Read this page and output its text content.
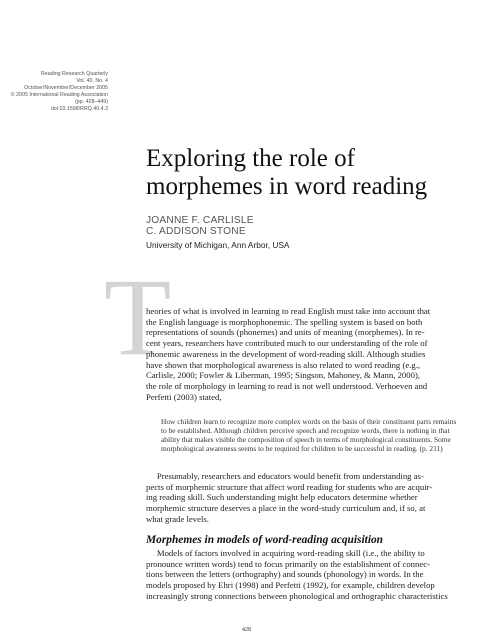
Reading Research Quarterly
Vol. 40, No. 4
October/November/December 2005
© 2005 International Reading Association
(pp. 428–449)
doi:10.1598/RRQ.40.4.3
Exploring the role of
morphemes in word reading
JOANNE F. CARLISLE
C. ADDISON STONE
University of Michigan, Ann Arbor, USA
T
heories of what is involved in learning to read English must take into account that
the English language is morphophonemic. The spelling system is based on both
representations of sounds (phonemes) and units of meaning (morphemes). In re-
cent years, researchers have contributed much to our understanding of the role of
phonemic awareness in the development of word-reading skill. Although studies
have shown that morphological awareness is also related to word reading (e.g.,
Carlisle, 2000; Fowler & Liberman, 1995; Singson, Mahoney, & Mann, 2000),
the role of morphology in learning to read is not well understood. Verhoeven and
Perfetti (2003) stated,
How children learn to recognize more complex words on the basis of their constituent parts remains
to be established. Although children perceive speech and recognize words, there is nothing in that
ability that makes visible the composition of speech in terms of morphological constituents. Some
morphological awareness seems to be required for children to be successful in reading. (p. 211)
Presumably, researchers and educators would benefit from understanding as-
pects of morphemic structure that affect word reading for students who are acquir-
ing reading skill. Such understanding might help educators determine whether
morphemic structure deserves a place in the word-study curriculum and, if so, at
what grade levels.
Morphemes in models of word-reading acquisition
Models of factors involved in acquiring word-reading skill (i.e., the ability to
pronounce written words) tend to focus primarily on the establishment of connec-
tions between the letters (orthography) and sounds (phonology) in words. In the
models proposed by Ehri (1998) and Perfetti (1992), for example, children develop
increasingly strong connections between phonological and orthographic characteristics
428
